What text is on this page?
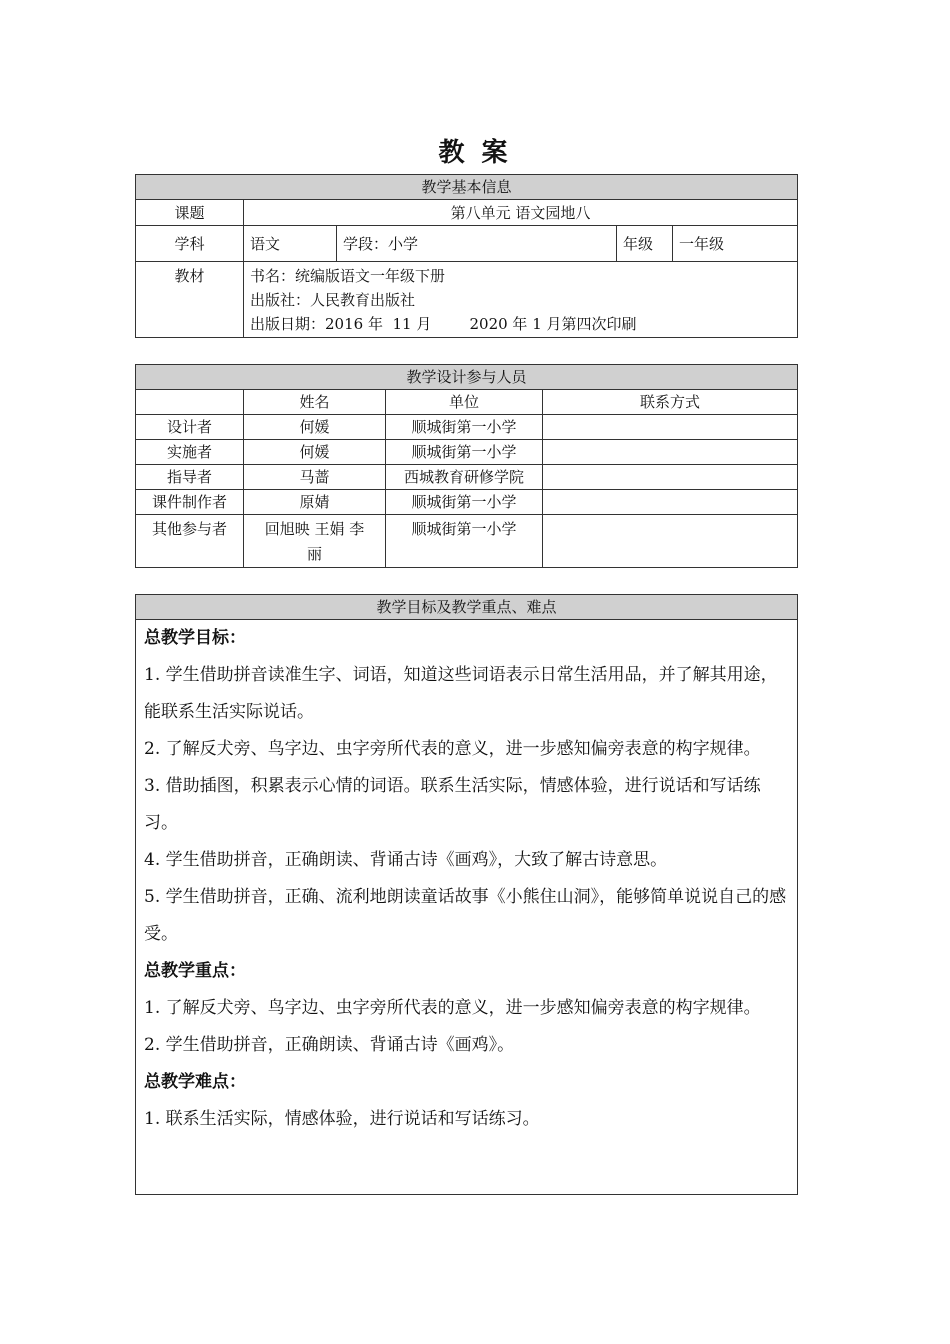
教 案
教学基本信息				
课题	第八单元 语文园地八			
学科	语文	学段：小学	年级	一年级
教材	书名：统编版语文一年级下册
出版社：人民教育出版社
出版日期：2016 年  11 月        2020 年 1 月第四次印刷			
教学设计参与人员			
	姓名	单位	联系方式
设计者	何媛	顺城街第一小学	
实施者	何媛	顺城街第一小学	
指导者	马蔷	西城教育研修学院	
课件制作者	原婧	顺城街第一小学	
其他参与者	回旭映 王娟 李丽	顺城街第一小学	
教学目标及教学重点、难点

总教学目标：

1. 学生借助拼音读准生字、词语，知道这些词语表示日常生活用品，并了解其用途，能联系生活实际说话。

2. 了解反犬旁、鸟字边、虫字旁所代表的意义，进一步感知偏旁表意的构字规律。

3. 借助插图，积累表示心情的词语。联系生活实际，情感体验，进行说话和写话练习。

4. 学生借助拼音，正确朗读、背诵古诗《画鸡》，大致了解古诗意思。

5. 学生借助拼音，正确、流利地朗读童话故事《小熊住山洞》，能够简单说说自己的感受。

总教学重点：

1. 了解反犬旁、鸟字边、虫字旁所代表的意义，进一步感知偏旁表意的构字规律。

2. 学生借助拼音，正确朗读、背诵古诗《画鸡》。

总教学难点：

1. 联系生活实际，情感体验，进行说话和写话练习。
